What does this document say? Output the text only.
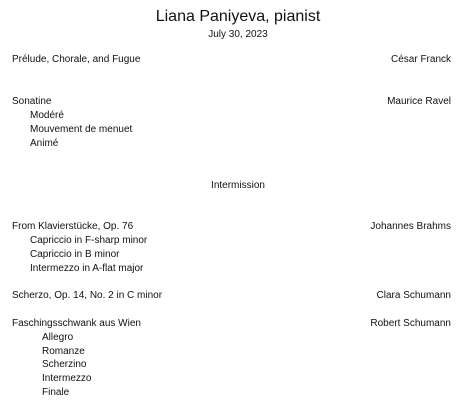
Liana Paniyeva, pianist
July 30, 2023
Prélude, Chorale, and Fugue	César Franck
Sonatine	Maurice Ravel
Modéré
Mouvement de menuet
Animé
Intermission
From Klavierstücke, Op. 76	Johannes Brahms
Capriccio in F-sharp minor
Capriccio in B minor
Intermezzo in A-flat major
Scherzo, Op. 14, No. 2 in C minor	Clara Schumann
Faschingsschwank aus Wien	Robert Schumann
Allegro
Romanze
Scherzino
Intermezzo
Finale
